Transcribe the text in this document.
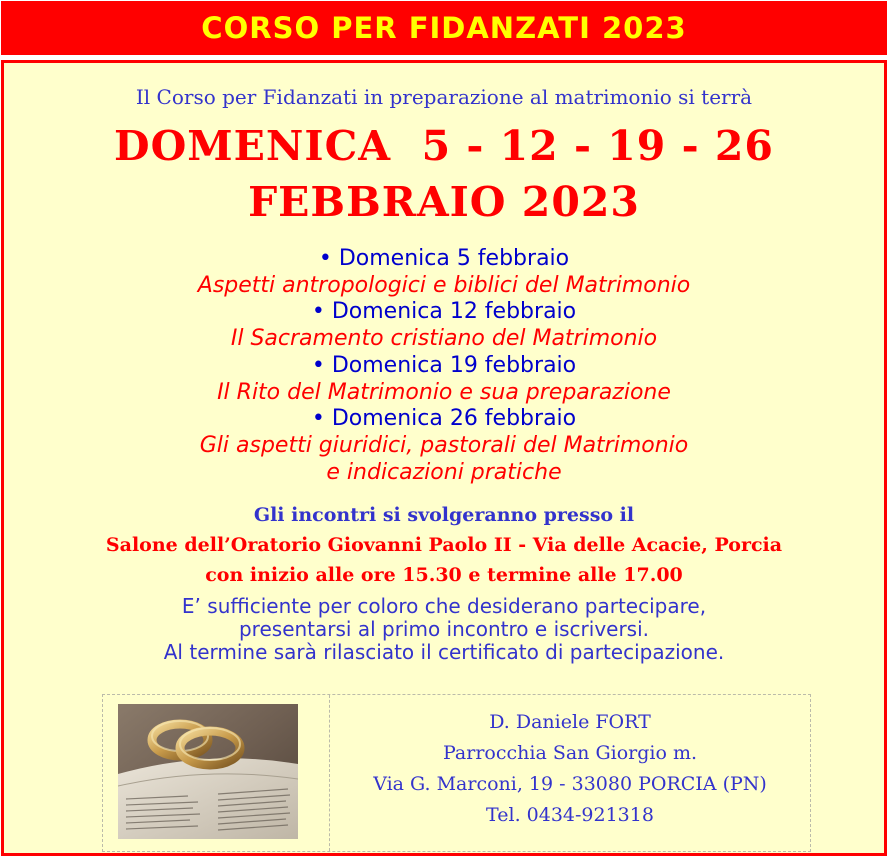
CORSO PER FIDANZATI 2023
Il Corso per Fidanzati in preparazione al matrimonio si terrà
DOMENICA  5 - 12 - 19 - 26
FEBBRAIO 2023
• Domenica 5 febbraio
Aspetti antropologici e biblici del Matrimonio
• Domenica 12 febbraio
Il Sacramento cristiano del Matrimonio
• Domenica 19 febbraio
Il Rito del Matrimonio e sua preparazione
• Domenica 26 febbraio
Gli aspetti giuridici, pastorali del Matrimonio
e indicazioni pratiche
Gli incontri si svolgeranno presso il
Salone dell’Oratorio Giovanni Paolo II - Via delle Acacie, Porcia
con inizio alle ore 15.30 e termine alle 17.00
E’ sufficiente per coloro che desiderano partecipare,
presentarsi al primo incontro e iscriversi.
Al termine sarà rilasciato il certificato di partecipazione.
D. Daniele FORT
Parrocchia San Giorgio m.
Via G. Marconi, 19 - 33080 PORCIA (PN)
Tel. 0434-921318
